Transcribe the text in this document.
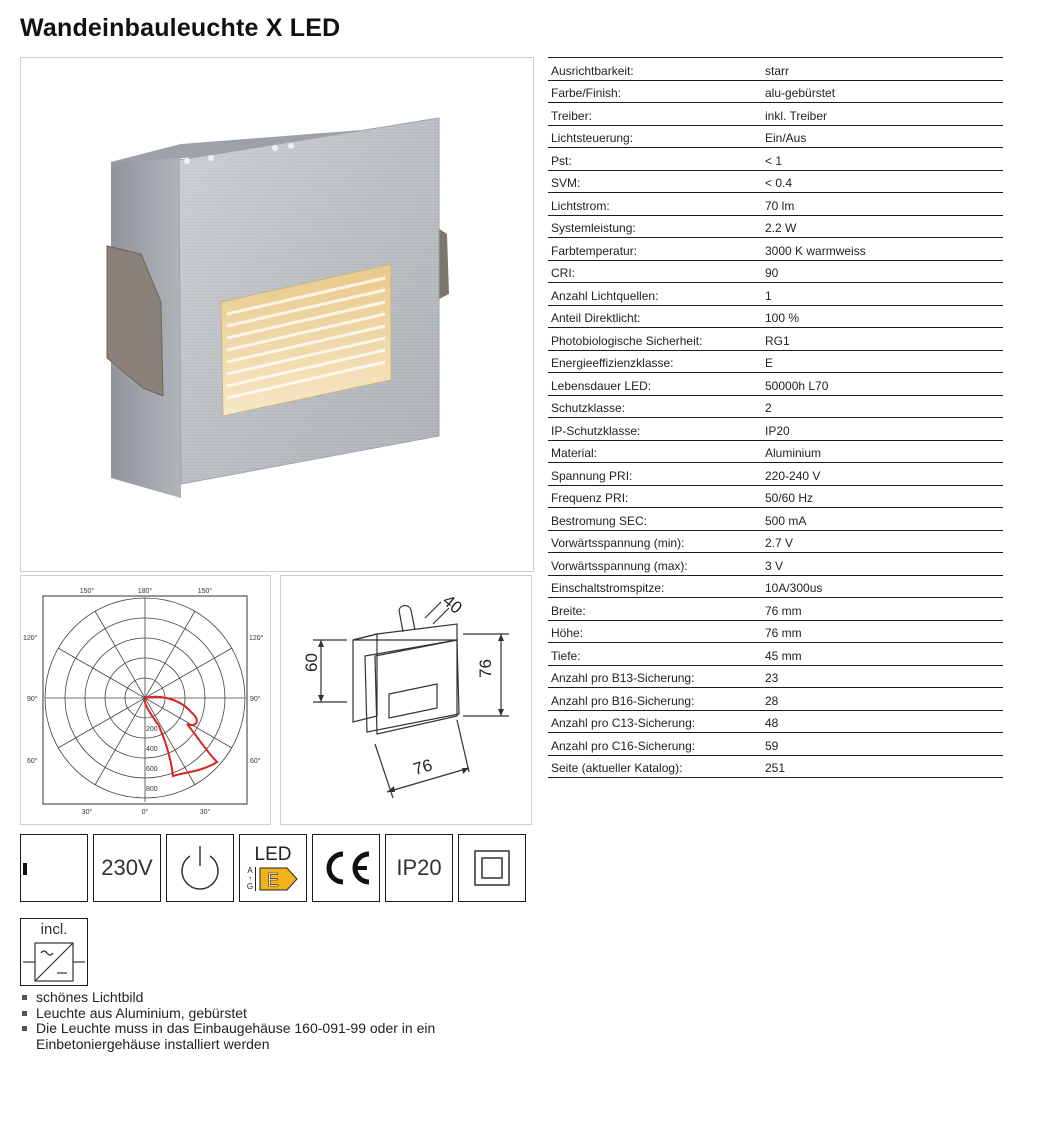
Wandeinbauleuchte X LED
150°	180°	150°
120°	120°
90°	90°
60°	60°
30°	0°	30°
200
400
600
800
40
60	76
76
Ausrichtbarkeit:	starr
Farbe/Finish:	alu-gebürstet
Treiber:	inkl. Treiber
Lichtsteuerung:	Ein/Aus
Pst:	< 1
SVM:	< 0.4
Lichtstrom:	70 lm
Systemleistung:	2.2 W
Farbtemperatur:	3000 K warmweiss
CRI:	90
Anzahl Lichtquellen:	1
Anteil Direktlicht:	100 %
Photobiologische Sicherheit:	RG1
Energieeffizienzklasse:	E
Lebensdauer LED:	50000h L70
Schutzklasse:	2
IP-Schutzklasse:	IP20
Material:	Aluminium
Spannung PRI:	220-240 V
Frequenz PRI:	50/60 Hz
Bestromung SEC:	500 mA
Vorwärtsspannung (min):	2.7 V
Vorwärtsspannung (max):	3 V
Einschaltstromspitze:	10A/300us
Breite:	76 mm
Höhe:	76 mm
Tiefe:	45 mm
Anzahl pro B13-Sicherung:	23
Anzahl pro B16-Sicherung:	28
Anzahl pro C13-Sicherung:	48
Anzahl pro C16-Sicherung:	59
Seite (aktueller Katalog):	251
230V
LED
A
↑
G E	IP20
incl.
schönes Lichtbild
Leuchte aus Aluminium, gebürstet
Die Leuchte muss in das Einbaugehäuse 160-091-99 oder in ein Einbetoniergehäuse installiert werden
